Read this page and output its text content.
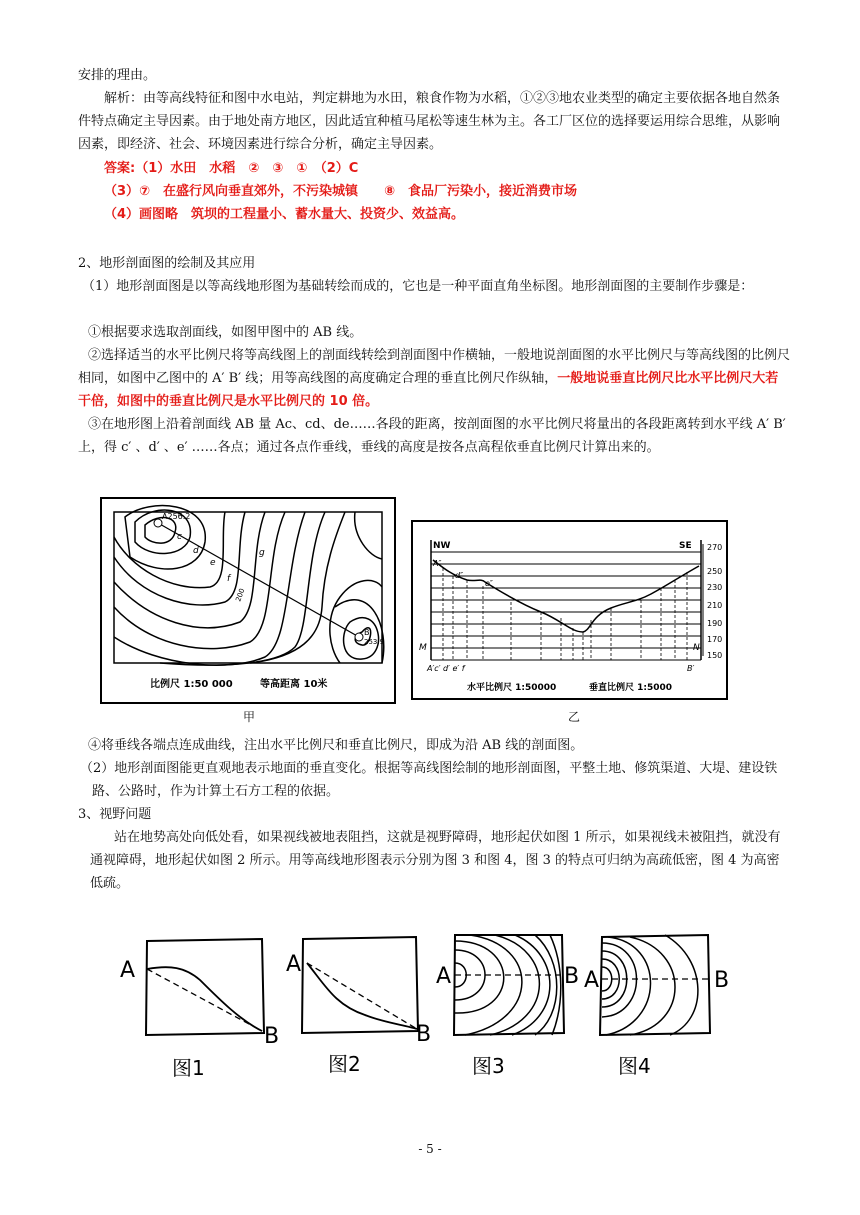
安排的理由。
解析：由等高线特征和图中水电站，判定耕地为水田，粮食作物为水稻，①②③地农业类型的确定主要依据各地自然条件特点确定主导因素。由于地处南方地区，因此适宜种植马尾松等速生林为主。各工厂区位的选择要运用综合思维，从影响因素，即经济、社会、环境因素进行综合分析，确定主导因素。
答案:（1）水田　水稻　②　③　①　（2）C
（3）⑦　在盛行风向垂直郊外，不污染城镇　　⑧　食品厂污染小，接近消费市场
（4）画图略　筑坝的工程量小、蓄水量大、投资少、效益高。
2、地形剖面图的绘制及其应用
（1）地形剖面图是以等高线地形图为基础转绘而成的，它也是一种平面直角坐标图。地形剖面图的主要制作步骤是：
①根据要求选取剖面线，如图甲图中的 AB 线。
②选择适当的水平比例尺将等高线图上的剖面线转绘到剖面图中作横轴，一般地说剖面图的水平比例尺与等高线图的比例尺相同，如图中乙图中的 A′ B′ 线；用等高线图的高度确定合理的垂直比例尺作纵轴，一般地说垂直比例尺比水平比例尺大若干倍，如图中的垂直比例尺是水平比例尺的 10 倍。
③在地形图上沿着剖面线 AB 量 Ac、cd、de……各段的距离，按剖面图的水平比例尺将量出的各段距离转到水平线 A′ B′ 上，得 c′ 、d′ 、e′ ……各点；通过各点作垂线，垂线的高度是按各点高程依垂直比例尺计算出来的。
A256.2
B
253.9
c
d
e
f
g
200
比例尺 1:50 000	等高距离 10米
NW	SE
A″
d″
e″
M	N
A′c′ d′ e′ f	B′
270
250
230
210
190
170
150
水平比例尺 1:50000	垂直比例尺 1:5000
甲	乙
④将垂线各端点连成曲线，注出水平比例尺和垂直比例尺，即成为沿 AB 线的剖面图。
（2）地形剖面图能更直观地表示地面的垂直变化。根据等高线图绘制的地形剖面图，平整土地、修筑渠道、大堤、建设铁路、公路时，作为计算土石方工程的依据。
3、视野问题
站在地势高处向低处看，如果视线被地表阻挡，这就是视野障碍，地形起伏如图 1 所示，如果视线未被阻挡，就没有通视障碍，地形起伏如图 2 所示。用等高线地形图表示分别为图 3 和图 4，图 3 的特点可归纳为高疏低密，图 4 为高密低疏。
A
B
A
B
A	B A	B
图1	图2	图3	图4
- 5 -
